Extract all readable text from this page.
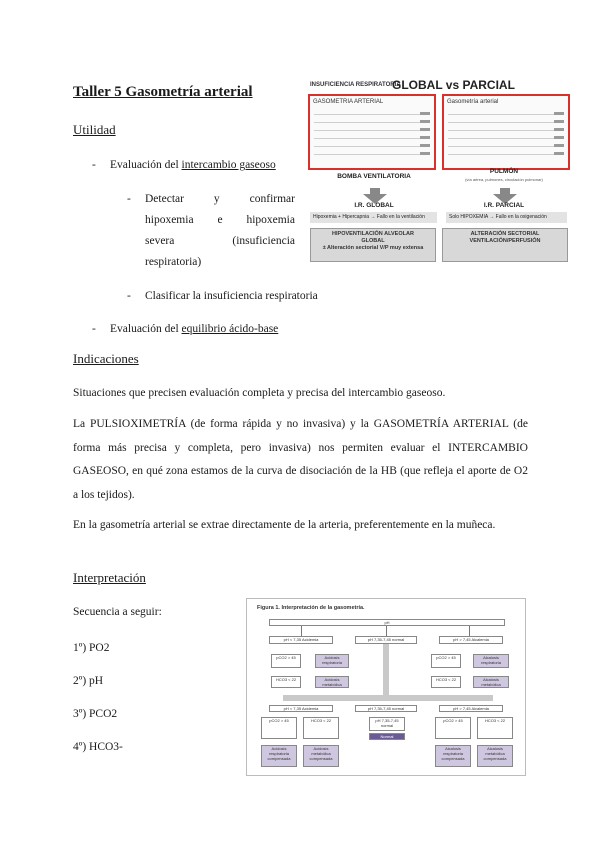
Taller 5 Gasometría arterial
Utilidad
- Evaluación del intercambio gaseoso
- Detectar	y	confirmar
hipoxemia e hipoxemia
severa	(insuficiencia
respiratoria)
- Clasificar la insuficiencia respiratoria
- Evaluación del equilibrio ácido-base
Indicaciones
Situaciones que precisen evaluación completa y precisa del intercambio gaseoso.
La PULSIOXIMETRÍA (de forma rápida y no invasiva) y la GASOMETRÍA ARTERIAL (de forma más precisa y completa, pero invasiva) nos permiten evaluar el INTERCAMBIO GASEOSO, en qué zona estamos de la curva de disociación de la HB (que refleja el aporte de O2 a los tejidos).
En la gasometría arterial se extrae directamente de la arteria, preferentemente en la muñeca.
Interpretación
Secuencia a seguir:
1º) PO2
2º) pH
3º) PCO2
4º) HCO3-
INSUFICIENCIA RESPIRATORIA
GLOBAL vs PARCIAL
GASOMETRIA ARTERIAL	Gasometría arterial
BOMBA VENTILATORIA
PULMÓN
(vía aérea, pulmones, circulación pulmonar)
I.R. GLOBAL	I.R. PARCIAL
Hipoxemia + Hipercapnia → Fallo en la ventilación	Solo HIPOXEMIA → Fallo en la oxigenación
HIPOVENTILACIÓN ALVEOLAR
GLOBAL
± Alteración sectorial V/P muy extensa
ALTERACIÓN SECTORIAL
VENTILACIÓN/PERFUSIÓN
Figura 1. Interpretación de la gasometría.
pH
pH < 7,35 Acidemia	pH 7,35-7,45 normal	pH > 7,45 Alcalemia
pCO2 > 45	Acidosis respiratoria
HCO3 < 22	Acidosis metabólica
pCO2 > 45	Alcalosis respiratoria
HCO3 < 22	Alcalosis metabólica
pH < 7,35 Acidemia	pH 7,35-7,45 normal	pH > 7,45 Alcalemia
pCO2 > 45	HCO3 < 22	pH 7,35-7,45 normal
Normal
pCO2 > 45	HCO3 < 22
Acidosis respiratoria compensada
Acidosis metabólica compensada
Alcalosis respiratoria compensada
Alcalosis metabólica compensada
